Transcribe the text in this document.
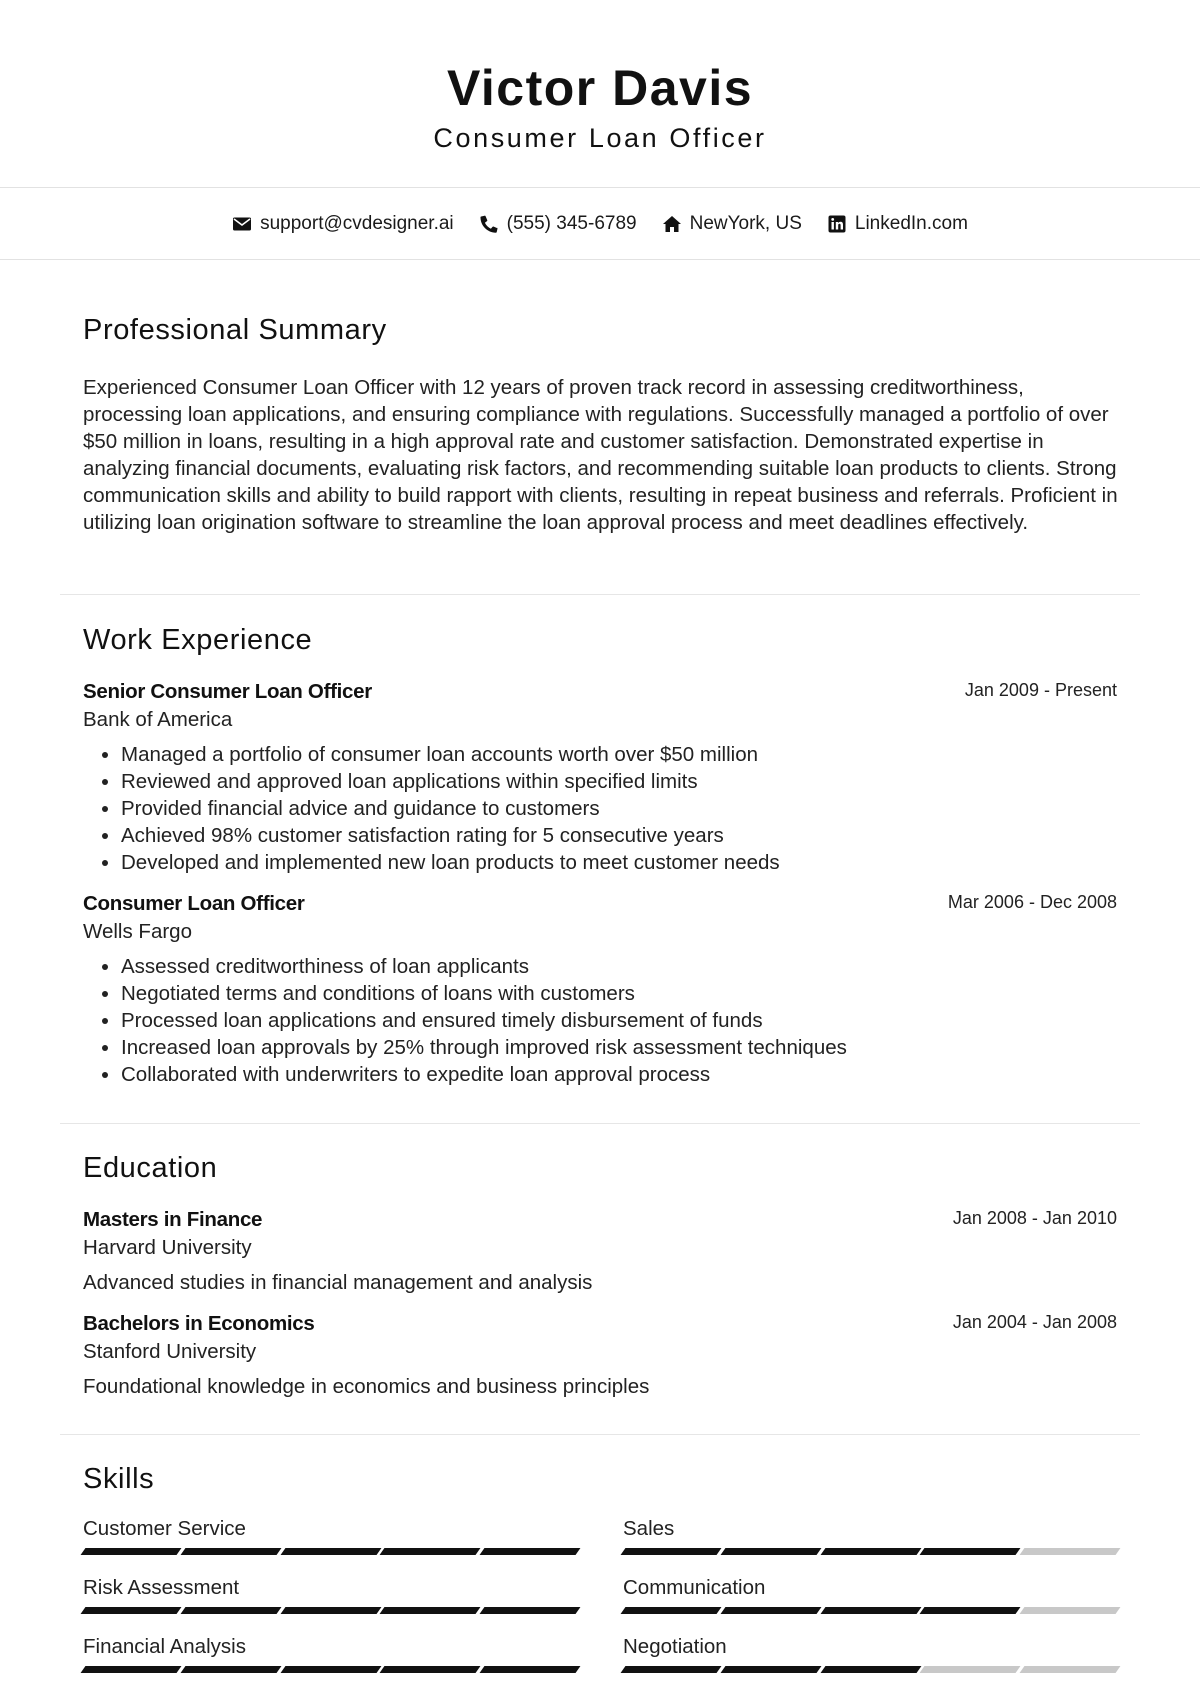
Victor Davis
Consumer Loan Officer
support@cvdesigner.ai	(555) 345-6789	NewYork, US	LinkedIn.com
Professional Summary
Experienced Consumer Loan Officer with 12 years of proven track record in assessing creditworthiness, processing loan applications, and ensuring compliance with regulations. Successfully managed a portfolio of over $50 million in loans, resulting in a high approval rate and customer satisfaction. Demonstrated expertise in analyzing financial documents, evaluating risk factors, and recommending suitable loan products to clients. Strong communication skills and ability to build rapport with clients, resulting in repeat business and referrals. Proficient in utilizing loan origination software to streamline the loan approval process and meet deadlines effectively.
Work Experience
Senior Consumer Loan Officer	Jan 2009 - Present
Bank of America
• Managed a portfolio of consumer loan accounts worth over $50 million
• Reviewed and approved loan applications within specified limits
• Provided financial advice and guidance to customers
• Achieved 98% customer satisfaction rating for 5 consecutive years
• Developed and implemented new loan products to meet customer needs
Consumer Loan Officer	Mar 2006 - Dec 2008
Wells Fargo
• Assessed creditworthiness of loan applicants
• Negotiated terms and conditions of loans with customers
• Processed loan applications and ensured timely disbursement of funds
• Increased loan approvals by 25% through improved risk assessment techniques
• Collaborated with underwriters to expedite loan approval process
Education
Masters in Finance	Jan 2008 - Jan 2010
Harvard University
Advanced studies in financial management and analysis
Bachelors in Economics	Jan 2004 - Jan 2008
Stanford University
Foundational knowledge in economics and business principles
Skills
Customer Service	Sales
Risk Assessment	Communication
Financial Analysis	Negotiation
